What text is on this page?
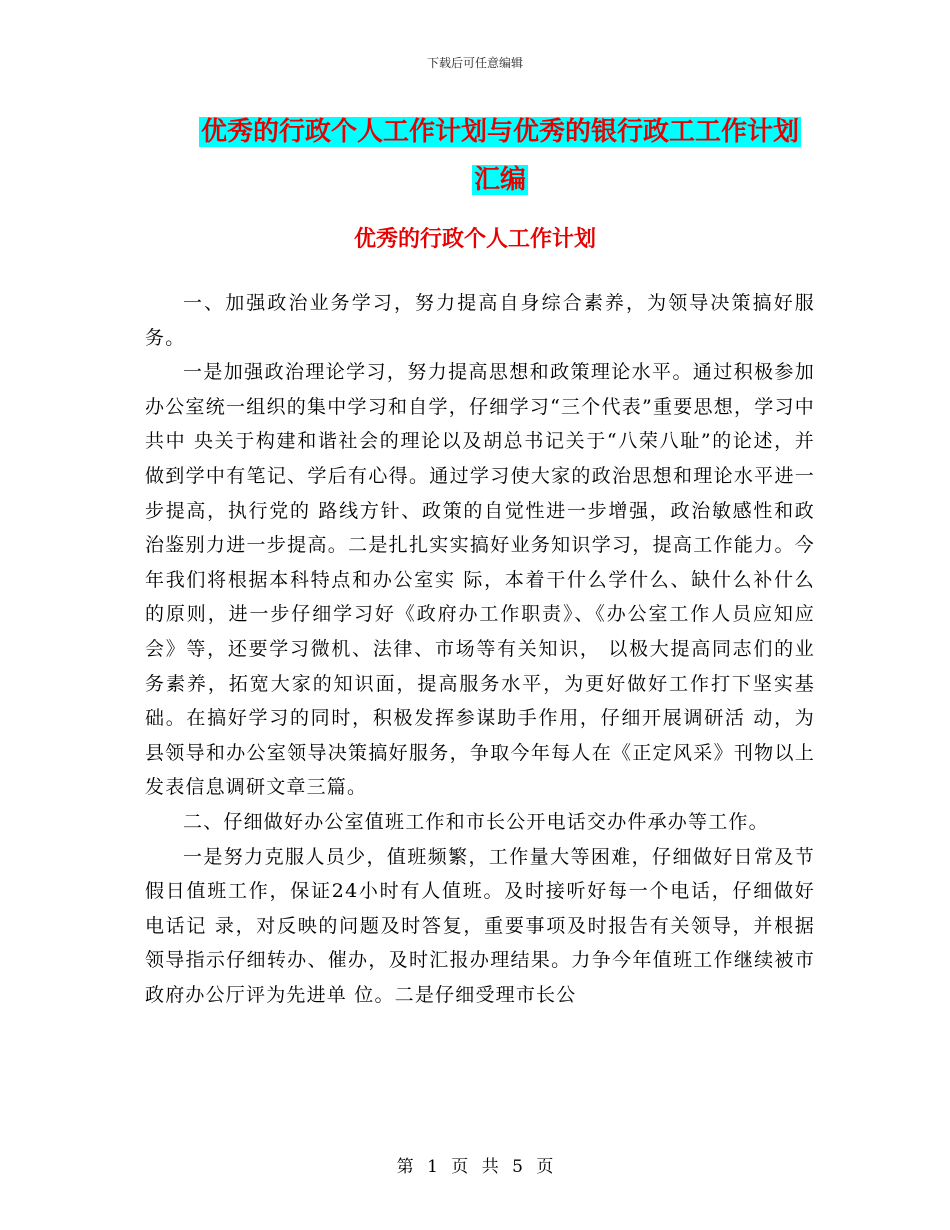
下载后可任意编辑
优秀的行政个人工作计划与优秀的银行政工工作计划
汇编
优秀的行政个人工作计划

一、加强政治业务学习，努力提高自身综合素养，为领导决策搞好服务。

一是加强政治理论学习，努力提高思想和政策理论水平。通过积极参加办公室统一组织的集中学习和自学，仔细学习“三个代表”重要思想，学习中共中 央关于构建和谐社会的理论以及胡总书记关于“八荣八耻”的论述，并做到学中有笔记、学后有心得。通过学习使大家的政治思想和理论水平进一步提高，执行党的 路线方针、政策的自觉性进一步增强，政治敏感性和政治鉴别力进一步提高。二是扎扎实实搞好业务知识学习，提高工作能力。今年我们将根据本科特点和办公室实 际，本着干什么学什么、缺什么补什么的原则，进一步仔细学习好《政府办工作职责》、《办公室工作人员应知应会》等，还要学习微机、法律、市场等有关知识， 以极大提高同志们的业务素养，拓宽大家的知识面，提高服务水平，为更好做好工作打下坚实基础。在搞好学习的同时，积极发挥参谋助手作用，仔细开展调研活 动，为县领导和办公室领导决策搞好服务，争取今年每人在《正定风采》刊物以上发表信息调研文章三篇。

二、仔细做好办公室值班工作和市长公开电话交办件承办等工作。

一是努力克服人员少，值班频繁，工作量大等困难，仔细做好日常及节假日值班工作，保证24小时有人值班。及时接听好每一个电话，仔细做好电话记 录，对反映的问题及时答复，重要事项及时报告有关领导，并根据领导指示仔细转办、催办，及时汇报办理结果。力争今年值班工作继续被市政府办公厅评为先进单 位。二是仔细受理市长公

第 1 页 共 5 页
